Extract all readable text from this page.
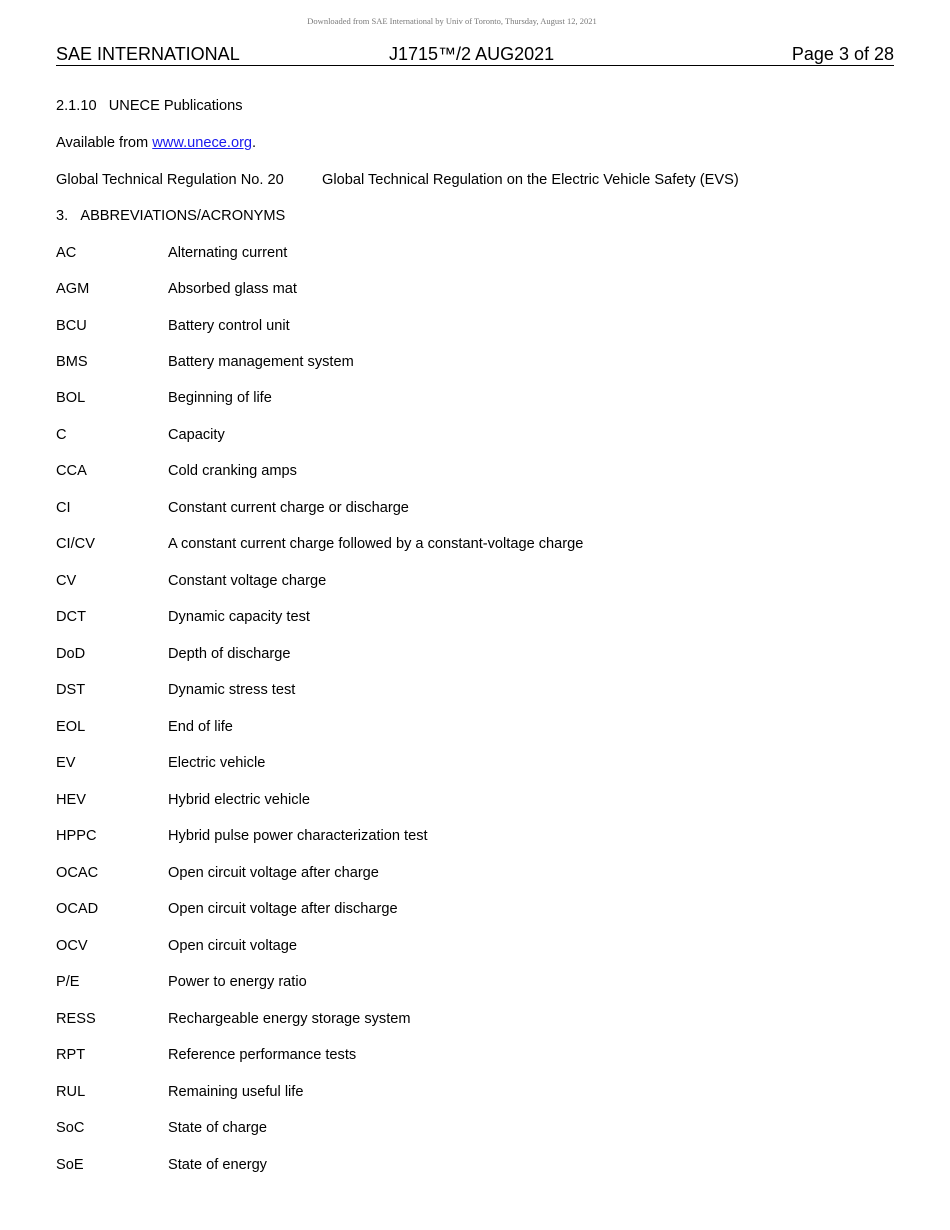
Downloaded from SAE International by Univ of Toronto, Thursday, August 12, 2021
SAE INTERNATIONAL	J1715™/2 AUG2021	Page 3 of 28
2.1.10 UNECE Publications
Available from www.unece.org.
Global Technical Regulation No. 20	Global Technical Regulation on the Electric Vehicle Safety (EVS)
3. ABBREVIATIONS/ACRONYMS
AC	Alternating current
AGM	Absorbed glass mat
BCU	Battery control unit
BMS	Battery management system
BOL	Beginning of life
C	Capacity
CCA	Cold cranking amps
CI	Constant current charge or discharge
CI/CV	A constant current charge followed by a constant-voltage charge
CV	Constant voltage charge
DCT	Dynamic capacity test
DoD	Depth of discharge
DST	Dynamic stress test
EOL	End of life
EV	Electric vehicle
HEV	Hybrid electric vehicle
HPPC	Hybrid pulse power characterization test
OCAC	Open circuit voltage after charge
OCAD	Open circuit voltage after discharge
OCV	Open circuit voltage
P/E	Power to energy ratio
RESS	Rechargeable energy storage system
RPT	Reference performance tests
RUL	Remaining useful life
SoC	State of charge
SoE	State of energy
